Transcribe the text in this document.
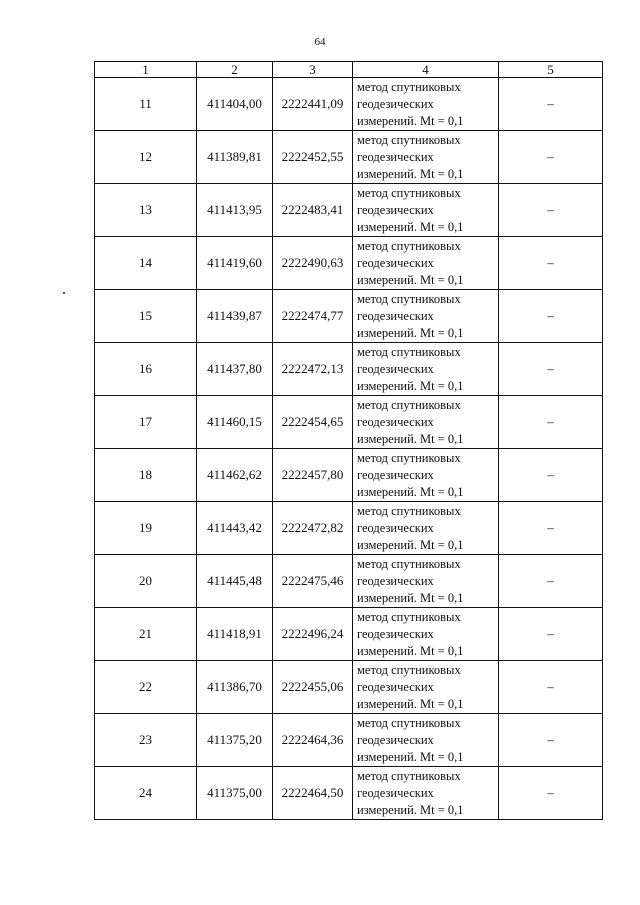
64
1	2	3	4	5
11	411404,00	2222441,09	метод спутниковых
геодезических
измерений. Mt = 0,1	–
12	411389,81	2222452,55	метод спутниковых
геодезических
измерений. Mt = 0,1	–
13	411413,95	2222483,41	метод спутниковых
геодезических
измерений. Mt = 0,1	–
14	411419,60	2222490,63	метод спутниковых
геодезических
измерений. Mt = 0,1	–
15	411439,87	2222474,77	метод спутниковых
геодезических
измерений. Mt = 0,1	–
16	411437,80	2222472,13	метод спутниковых
геодезических
измерений. Mt = 0,1	–
17	411460,15	2222454,65	метод спутниковых
геодезических
измерений. Mt = 0,1	–
18	411462,62	2222457,80	метод спутниковых
геодезических
измерений. Mt = 0,1	–
19	411443,42	2222472,82	метод спутниковых
геодезических
измерений. Mt = 0,1	–
20	411445,48	2222475,46	метод спутниковых
геодезических
измерений. Mt = 0,1	–
21	411418,91	2222496,24	метод спутниковых
геодезических
измерений. Mt = 0,1	–
22	411386,70	2222455,06	метод спутниковых
геодезических
измерений. Mt = 0,1	–
23	411375,20	2222464,36	метод спутниковых
геодезических
измерений. Mt = 0,1	–
24	411375,00	2222464,50	метод спутниковых
геодезических
измерений. Mt = 0,1	–
